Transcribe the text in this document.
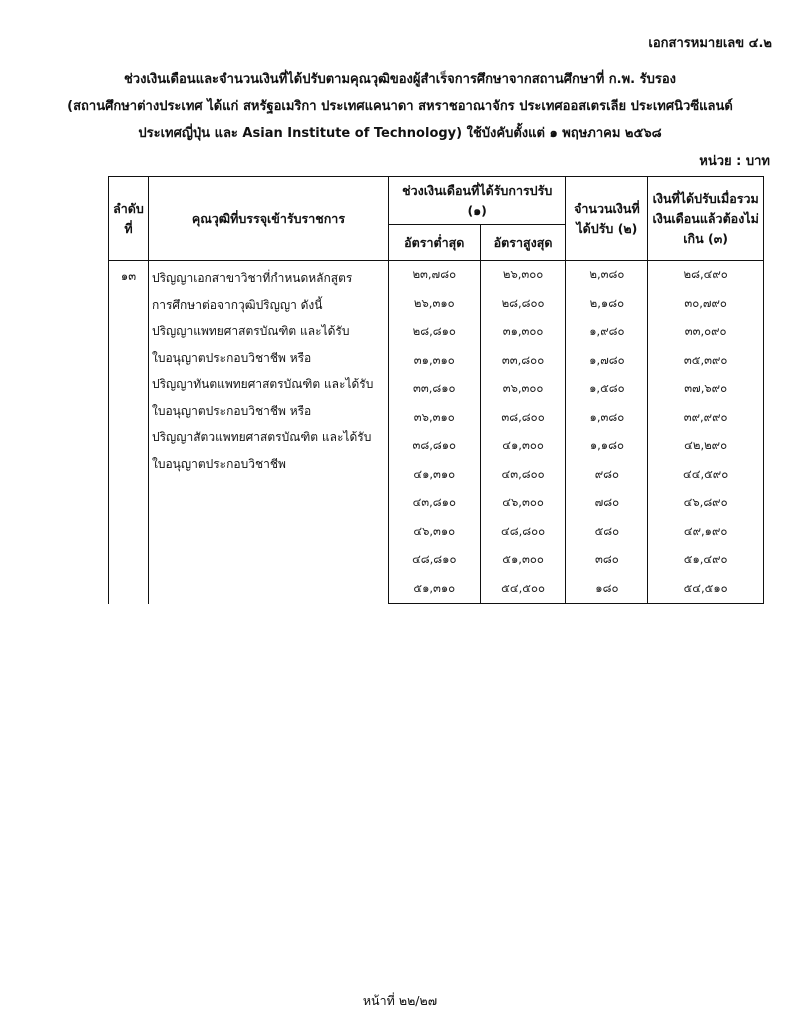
เอกสารหมายเลข ๔.๒
ช่วงเงินเดือนและจำนวนเงินที่ได้ปรับตามคุณวุฒิของผู้สำเร็จการศึกษาจากสถานศึกษาที่ ก.พ. รับรอง
(สถานศึกษาต่างประเทศ ได้แก่ สหรัฐอเมริกา ประเทศแคนาดา สหราชอาณาจักร ประเทศออสเตรเลีย ประเทศนิวซีแลนด์
ประเทศญี่ปุ่น และ Asian Institute of Technology) ใช้บังคับตั้งแต่ ๑ พฤษภาคม ๒๕๖๘
หน่วย : บาท
ลำดับที่	คุณวุฒิที่บรรจุเข้ารับราชการ	ช่วงเงินเดือนที่ได้รับการปรับ (๑)		จำนวนเงินที่ได้ปรับ (๒)	เงินที่ได้ปรับเมื่อรวมเงินเดือนแล้วต้องไม่เกิน (๓)
		อัตราต่ำสุด	อัตราสูงสุด		
๑๓	ปริญญาเอกสาขาวิชาที่กำหนดหลักสูตร
การศึกษาต่อจากวุฒิปริญญา ดังนี้
ปริญญาแพทยศาสตรบัณฑิต และได้รับ
ใบอนุญาตประกอบวิชาชีพ หรือ
ปริญญาทันตแพทยศาสตรบัณฑิต และได้รับ
ใบอนุญาตประกอบวิชาชีพ หรือ
ปริญญาสัตวแพทยศาสตรบัณฑิต และได้รับ
ใบอนุญาตประกอบวิชาชีพ
	๒๓,๗๘๐	๒๖,๓๐๐	๒,๓๘๐	๒๘,๔๙๐
		๒๖,๓๑๐	๒๘,๘๐๐	๒,๑๘๐	๓๐,๗๙๐
		๒๘,๘๑๐	๓๑,๓๐๐	๑,๙๘๐	๓๓,๐๙๐
		๓๑,๓๑๐	๓๓,๘๐๐	๑,๗๘๐	๓๕,๓๙๐
		๓๓,๘๑๐	๓๖,๓๐๐	๑,๕๘๐	๓๗,๖๙๐
		๓๖,๓๑๐	๓๘,๘๐๐	๑,๓๘๐	๓๙,๙๙๐
		๓๘,๘๑๐	๔๑,๓๐๐	๑,๑๘๐	๔๒,๒๙๐
		๔๑,๓๑๐	๔๓,๘๐๐	๙๘๐	๔๔,๕๙๐
		๔๓,๘๑๐	๔๖,๓๐๐	๗๘๐	๔๖,๘๙๐
		๔๖,๓๑๐	๔๘,๘๐๐	๕๘๐	๔๙,๑๙๐
		๔๘,๘๑๐	๕๑,๓๐๐	๓๘๐	๕๑,๔๙๐
		๕๑,๓๑๐	๕๔,๕๐๐	๑๘๐	๕๔,๕๑๐
หน้าที่ ๒๒/๒๗
